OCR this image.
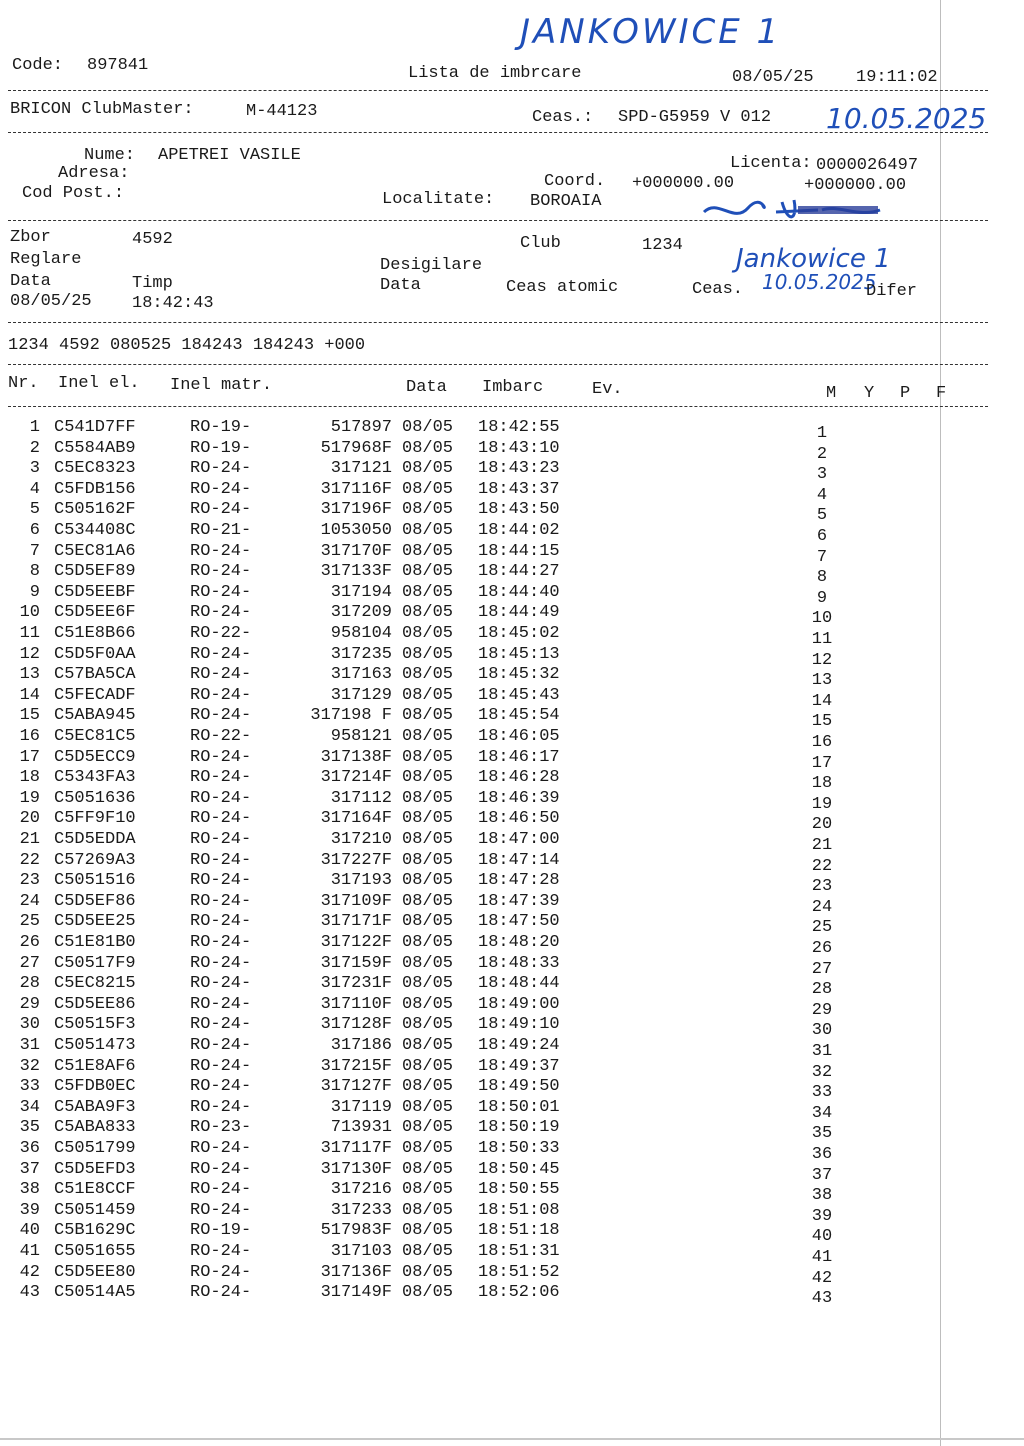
JANKOWICE 1
10.05.2025
Jankowice 1
10.05.2025
Code: 897841	Lista de imbrcare	08/05/25 19:11:02
BRICON ClubMaster:	M-44123	Ceas.: SPD-G5959 V 012
Nume: APETREI VASILE	Licenta: 0000026497
Adresa:	Coord. +000000.00	+000000.00
Cod Post.:	Localitate: BOROAIA
Zbor	4592	Club	1234
Reglare	Desigilare
Data	Timp	Data	Ceas atomic	Ceas.	Difer
08/05/25 18:42:43
1234 4592 080525 184243 184243 +000
Nr. Inel el. Inel matr.	Data Imbarc	Ev.	M Y P F
1 C541D7FF	RO-19-	517897 08/05 18:42:55	1
2 C5584AB9	RO-19-	517968F 08/05 18:43:10	2
3 C5EC8323	RO-24-	317121 08/05 18:43:23	3
4 C5FDB156	RO-24-	317116F 08/05 18:43:37	4
5 C505162F	RO-24-	317196F 08/05 18:43:50	5
6 C534408C	RO-21-	1053050 08/05 18:44:02	6
7 C5EC81A6	RO-24-	317170F 08/05 18:44:15	7
8 C5D5EF89	RO-24-	317133F 08/05 18:44:27	8
9 C5D5EEBF	RO-24-	317194 08/05 18:44:40	9
10 C5D5EE6F	RO-24-	317209 08/05 18:44:49	10
11 C51E8B66	RO-22-	958104 08/05 18:45:02	11
12 C5D5F0AA	RO-24-	317235 08/05 18:45:13	12
13 C57BA5CA	RO-24-	317163 08/05 18:45:32	13
14 C5FECADF	RO-24-	317129 08/05 18:45:43	14
15 C5ABA945	RO-24-	317198 F 08/05 18:45:54	15
16 C5EC81C5	RO-22-	958121 08/05 18:46:05	16
17 C5D5ECC9	RO-24-	317138F 08/05 18:46:17	17
18 C5343FA3	RO-24-	317214F 08/05 18:46:28	18
19 C5051636	RO-24-	317112 08/05 18:46:39	19
20 C5FF9F10	RO-24-	317164F 08/05 18:46:50	20
21 C5D5EDDA	RO-24-	317210 08/05 18:47:00	21
22 C57269A3	RO-24-	317227F 08/05 18:47:14	22
23 C5051516	RO-24-	317193 08/05 18:47:28	23
24 C5D5EF86	RO-24-	317109F 08/05 18:47:39	24
25 C5D5EE25	RO-24-	317171F 08/05 18:47:50	25
26 C51E81B0	RO-24-	317122F 08/05 18:48:20	26
27 C50517F9	RO-24-	317159F 08/05 18:48:33	27
28 C5EC8215	RO-24-	317231F 08/05 18:48:44	28
29 C5D5EE86	RO-24-	317110F 08/05 18:49:00	29
30 C50515F3	RO-24-	317128F 08/05 18:49:10	30
31 C5051473	RO-24-	317186 08/05 18:49:24	31
32 C51E8AF6	RO-24-	317215F 08/05 18:49:37	32
33 C5FDB0EC	RO-24-	317127F 08/05 18:49:50	33
34 C5ABA9F3	RO-24-	317119 08/05 18:50:01	34
35 C5ABA833	RO-23-	713931 08/05 18:50:19	35
36 C5051799	RO-24-	317117F 08/05 18:50:33	36
37 C5D5EFD3	RO-24-	317130F 08/05 18:50:45	37
38 C51E8CCF	RO-24-	317216 08/05 18:50:55	38
39 C5051459	RO-24-	317233 08/05 18:51:08	39
40 C5B1629C	RO-19-	517983F 08/05 18:51:18	40
41 C5051655	RO-24-	317103 08/05 18:51:31	41
42 C5D5EE80	RO-24-	317136F 08/05 18:51:52	42
43 C50514A5	RO-24-	317149F 08/05 18:52:06	43
